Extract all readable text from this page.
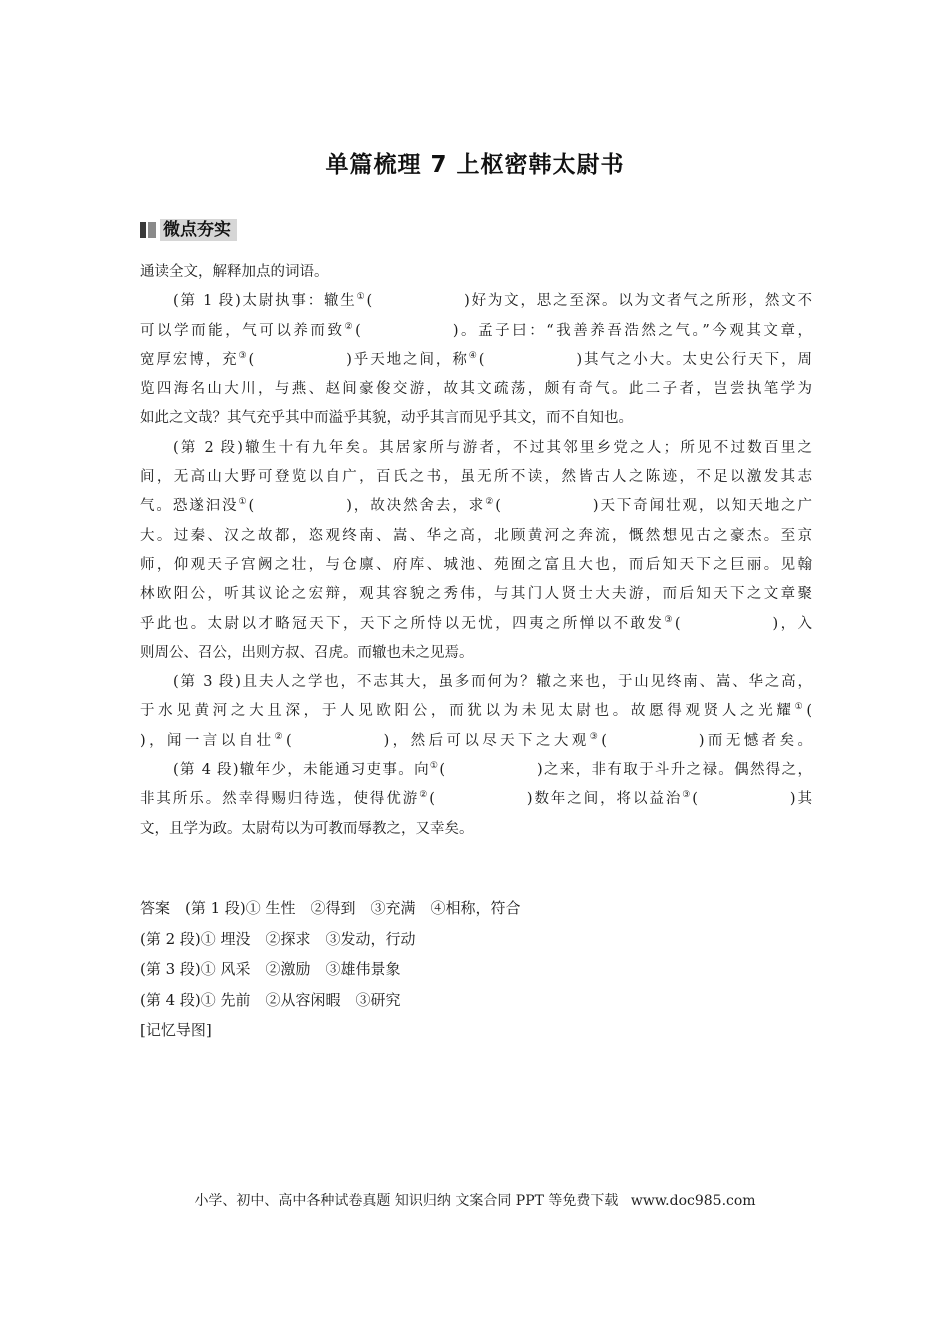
单篇梳理 7 上枢密韩太尉书
微点夯实
通读全文，解释加点的词语。
(第 1 段)太尉执事：辙生①(	)好为文，思之至深。以为文者气之所形，然文不
可以学而能，气可以养而致②(	)。孟子曰：“我善养吾浩然之气。”今观其文章，
宽厚宏博，充③(	)乎天地之间，称④(	)其气之小大。太史公行天下，周
览四海名山大川，与燕、赵间豪俊交游，故其文疏荡，颇有奇气。此二子者，岂尝执笔学为
如此之文哉？其气充乎其中而溢乎其貌，动乎其言而见乎其文，而不自知也。
(第 2 段)辙生十有九年矣。其居家所与游者，不过其邻里乡党之人；所见不过数百里之
间，无高山大野可登览以自广，百氏之书，虽无所不读，然皆古人之陈迹，不足以激发其志
气。恐遂汩没①(	)，故决然舍去，求②(	)天下奇闻壮观，以知天地之广
大。过秦、汉之故都，恣观终南、嵩、华之高，北顾黄河之奔流，慨然想见古之豪杰。至京
师，仰观天子宫阙之壮，与仓廪、府库、城池、苑囿之富且大也，而后知天下之巨丽。见翰
林欧阳公，听其议论之宏辩，观其容貌之秀伟，与其门人贤士大夫游，而后知天下之文章聚
乎此也。太尉以才略冠天下，天下之所恃以无忧，四夷之所惮以不敢发③(	)，入
则周公、召公，出则方叔、召虎。而辙也未之见焉。
(第 3 段)且夫人之学也，不志其大，虽多而何为？辙之来也，于山见终南、嵩、华之高，
于水见黄河之大且深，于人见欧阳公，而犹以为未见太尉也。故愿得观贤人之光耀①(
)，闻一言以自壮②(	)，然后可以尽天下之大观③(	)而无憾者矣。
(第 4 段)辙年少，未能通习吏事。向①(	)之来，非有取于斗升之禄。偶然得之，
非其所乐。然幸得赐归待选，使得优游②(	)数年之间，将以益治③(	)其
文，且学为政。太尉苟以为可教而辱教之，又幸矣。
答案　(第 1 段)① 生性　②得到　③充满　④相称，符合
(第 2 段)① 埋没　②探求　③发动，行动
(第 3 段)① 风采　②激励　③雄伟景象
(第 4 段)① 先前　②从容闲暇　③研究
[记忆导图]
小学、初中、高中各种试卷真题 知识归纳 文案合同 PPT 等免费下载 www.doc985.com
